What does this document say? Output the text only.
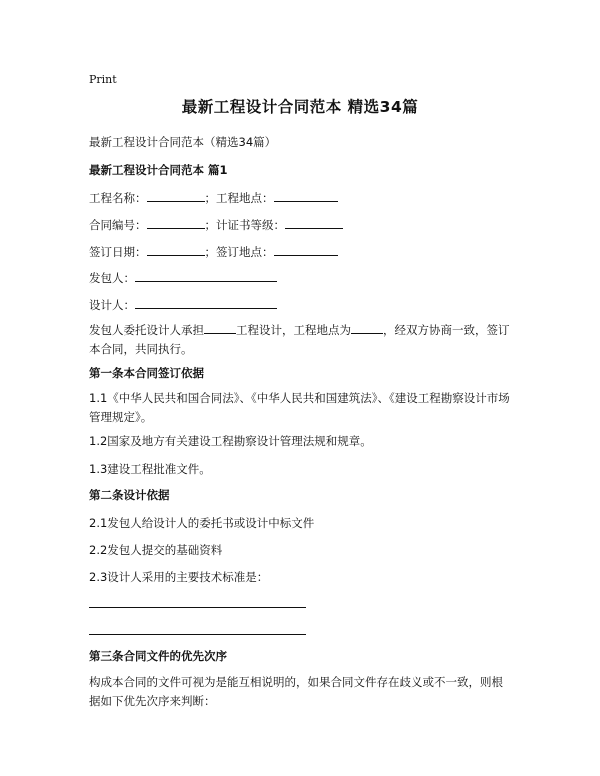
Print
最新工程设计合同范本 精选34篇
最新工程设计合同范本（精选34篇）
最新工程设计合同范本 篇1
工程名称：	；工程地点：
合同编号：	；计证书等级：
签订日期：	；签订地点：
发包人：
设计人：
发包人委托设计人承担	工程设计，工程地点为	，经双方协商一致，签订本合同，共同执行。
第一条本合同签订依据
1.1《中华人民共和国合同法》、《中华人民共和国建筑法》、《建设工程勘察设计市场管理规定》。
1.2国家及地方有关建设工程勘察设计管理法规和规章。
1.3建设工程批准文件。
第二条设计依据
2.1发包人给设计人的委托书或设计中标文件
2.2发包人提交的基础资料
2.3设计人采用的主要技术标准是：
第三条合同文件的优先次序
构成本合同的文件可视为是能互相说明的，如果合同文件存在歧义或不一致，则根据如下优先次序来判断：
